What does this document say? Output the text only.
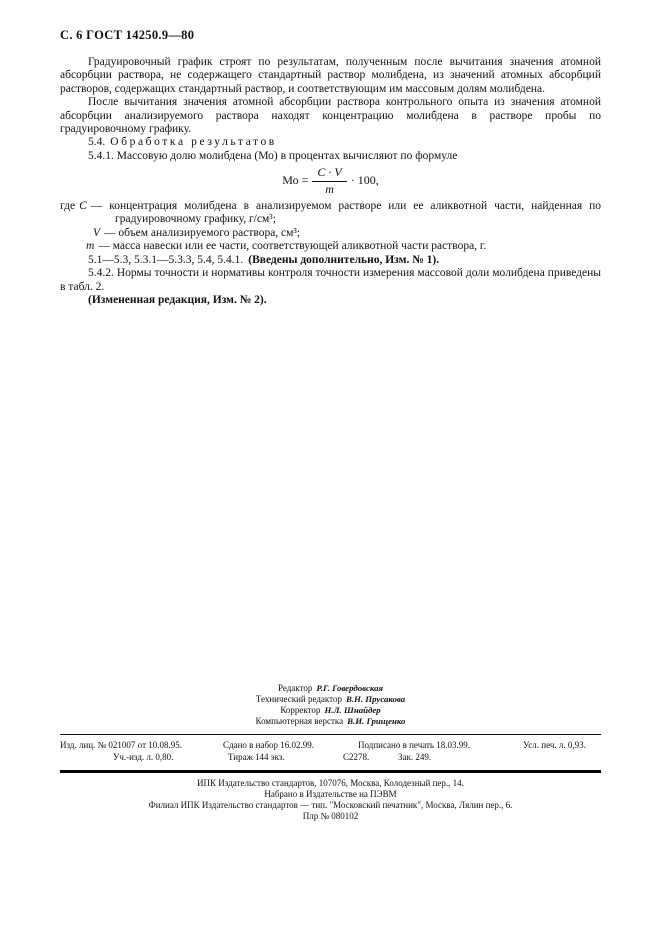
С. 6 ГОСТ 14250.9—80

Градуировочный график строят по результатам, полученным после вычитания значения атомной абсорбции раствора, не содержащего стандартный раствор молибдена, из значений атомных абсорбций растворов, содержащих стандартный раствор, и соответствующим им массовым долям молибдена.

После вычитания значения атомной абсорбции раствора контрольного опыта из значения атомной абсорбции анализируемого раствора находят концентрацию молибдена в растворе пробы по градуировочному графику.

5.4. Обработка результатов
5.4.1. Массовую долю молибдена (Мо) в процентах вычисляют по формуле
Мо = $\frac{C \cdot V}{m} \cdot 100$,
где C — концентрация молибдена в анализируемом растворе или ее аликвотной части, найденная по градуировочному графику, г/см³;
V — объем анализируемого раствора, см³;
m — масса навески или ее части, соответствующей аликвотной части раствора, г.
5.1—5.3, 5.3.1—5.3.3, 5.4, 5.4.1. (Введены дополнительно, Изм. № 1).
5.4.2. Нормы точности и нормативы контроля точности измерения массовой доли молибдена приведены в табл. 2.
(Измененная редакция, Изм. № 2).
Редактор Р.Г. Говердовская
Технический редактор В.Н. Прусакова
Корректор Н.Л. Шнайдер
Компьютерная верстка В.И. Грищенко
Изд. лиц. № 021007 от 10.08.95.	Сдано в набор 16.02.99.	Подписано в печать 18.03.99.	Усл. печ. л. 0,93.
Уч.-изд. л. 0,80.	Тираж 144 экз.	С2278.	Зак. 249.
ИПК Издательство стандартов, 107076, Москва, Колодезный пер., 14.
Набрано в Издательстве на ПЭВМ
Филиал ИПК Издательство стандартов — тип. "Московский печатник", Москва, Лялин пер., 6.
Плр № 080102
